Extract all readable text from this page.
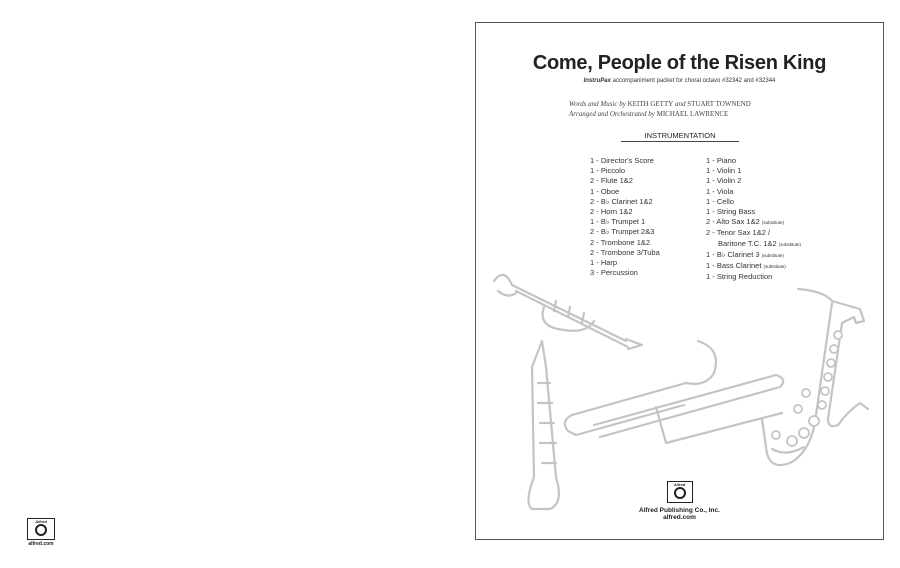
Alfred
alfred.com
Come, People of the Risen King
InstruPax accompaniment packet for choral octavo #32342 and #32344
Words and Music by KEITH GETTY and STUART TOWNEND
Arranged and Orchestrated by MICHAEL LAWRENCE
INSTRUMENTATION
1 - Director's Score
1 - Piccolo
2 - Flute 1&2
1 - Oboe
2 - B♭ Clarinet 1&2
2 - Horn 1&2
1 - B♭ Trumpet 1
2 - B♭ Trumpet 2&3
2 - Trombone 1&2
2 - Trombone 3/Tuba
1 - Harp
3 - Percussion
1 - Piano
1 - Violin 1
1 - Violin 2
1 - Viola
1 - Cello
1 - String Bass
2 - Alto Sax 1&2 (substitute)
2 - Tenor Sax 1&2 /
Baritone T.C. 1&2 (substitute)
1 - B♭ Clarinet 3 (substitute)
1 - Bass Clarinet (substitute)
1 - String Reduction
Alfred
Alfred Publishing Co., Inc.
alfred.com
